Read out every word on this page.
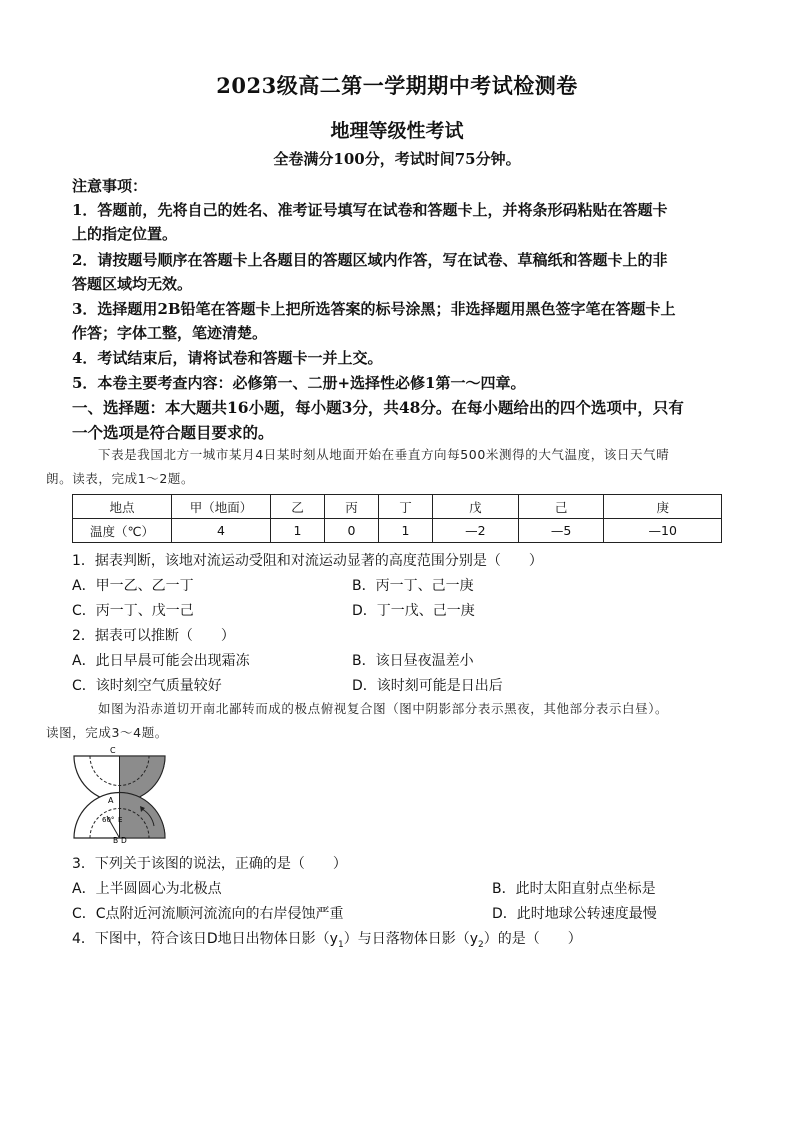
2023级高二第一学期期中考试检测卷
地理等级性考试
全卷满分100分，考试时间75分钟。
注意事项：
1．答题前，先将自己的姓名、准考证号填写在试卷和答题卡上，并将条形码粘贴在答题卡
上的指定位置。
2．请按题号顺序在答题卡上各题目的答题区域内作答，写在试卷、草稿纸和答题卡上的非
答题区域均无效。
3．选择题用2B铅笔在答题卡上把所选答案的标号涂黑；非选择题用黑色签字笔在答题卡上
作答；字体工整，笔迹清楚。
4．考试结束后，请将试卷和答题卡一并上交。
5．本卷主要考查内容：必修第一、二册+选择性必修1第一～四章。
一、选择题：本大题共16小题，每小题3分，共48分。在每小题给出的四个选项中，只有
一个选项是符合题目要求的。
下表是我国北方一城市某月4日某时刻从地面开始在垂直方向每500米测得的大气温度，该日天气晴
朗。读表，完成1～2题。
地点	甲（地面）	乙	丙	丁	戊	己	庚
温度（℃）	4	1	0	1	—2	—5	—10
1．据表判断，该地对流运动受阻和对流运动显著的高度范围分别是（　　）
A．甲一乙、乙一丁	B．丙一丁、己一庚
C．丙一丁、戊一己	D．丁一戊、己一庚
2．据表可以推断（　　）
A．此日早晨可能会出现霜冻	B．该日昼夜温差小
C．该时刻空气质量较好	D．该时刻可能是日出后
如图为沿赤道切开南北鄙转而成的极点俯视复合图（图中阴影部分表示黑夜，其他部分表示白昼）。
读图，完成3～4题。
C
A
60° E
B D
3．下列关于该图的说法，正确的是（　　）
A．上半圆圆心为北极点	B．此时太阳直射点坐标是
C．C点附近河流顺河流流向的右岸侵蚀严重	D．此时地球公转速度最慢
4．下图中，符合该日D地日出物体日影$(y_1)$与日落物体日影$(y_2)$的是（　　）
